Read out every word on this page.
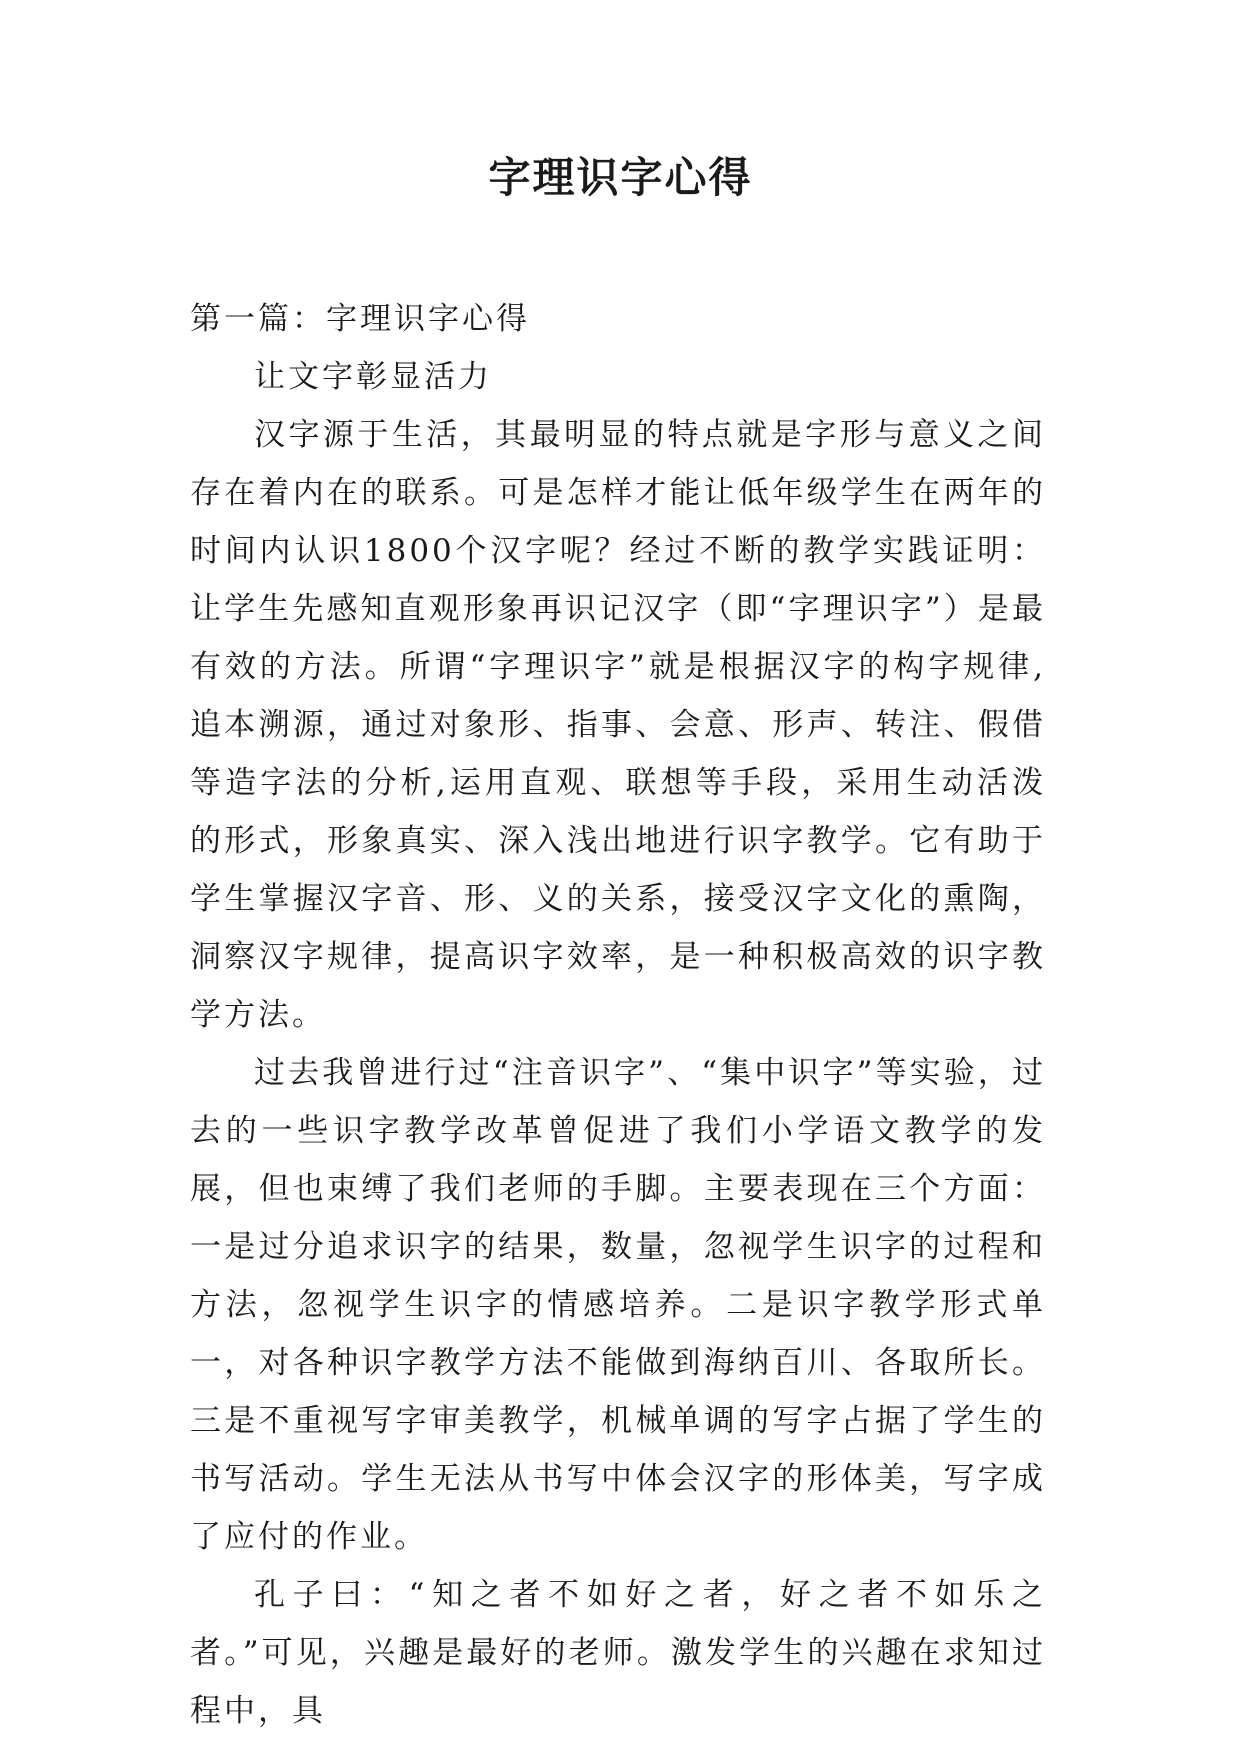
字理识字心得

第一篇：字理识字心得

让文字彰显活力

汉字源于生活，其最明显的特点就是字形与意义之间存在着内在的联系。可是怎样才能让低年级学生在两年的时间内认识1800个汉字呢？经过不断的教学实践证明：让学生先感知直观形象再识记汉字（即“字理识字”）是最有效的方法。所谓“字理识字”就是根据汉字的构字规律,追本溯源，通过对象形、指事、会意、形声、转注、假借等造字法的分析,运用直观、联想等手段，采用生动活泼的形式，形象真实、深入浅出地进行识字教学。它有助于学生掌握汉字音、形、义的关系，接受汉字文化的熏陶，洞察汉字规律，提高识字效率，是一种积极高效的识字教学方法。

过去我曾进行过“注音识字”、“集中识字”等实验，过去的一些识字教学改革曾促进了我们小学语文教学的发展，但也束缚了我们老师的手脚。主要表现在三个方面：一是过分追求识字的结果，数量，忽视学生识字的过程和方法，忽视学生识字的情感培养。二是识字教学形式单一，对各种识字教学方法不能做到海纳百川、各取所长。三是不重视写字审美教学，机械单调的写字占据了学生的书写活动。学生无法从书写中体会汉字的形体美，写字成了应付的作业。

孔子曰：“知之者不如好之者，好之者不如乐之者。”可见，兴趣是最好的老师。激发学生的兴趣在求知过程中，具
